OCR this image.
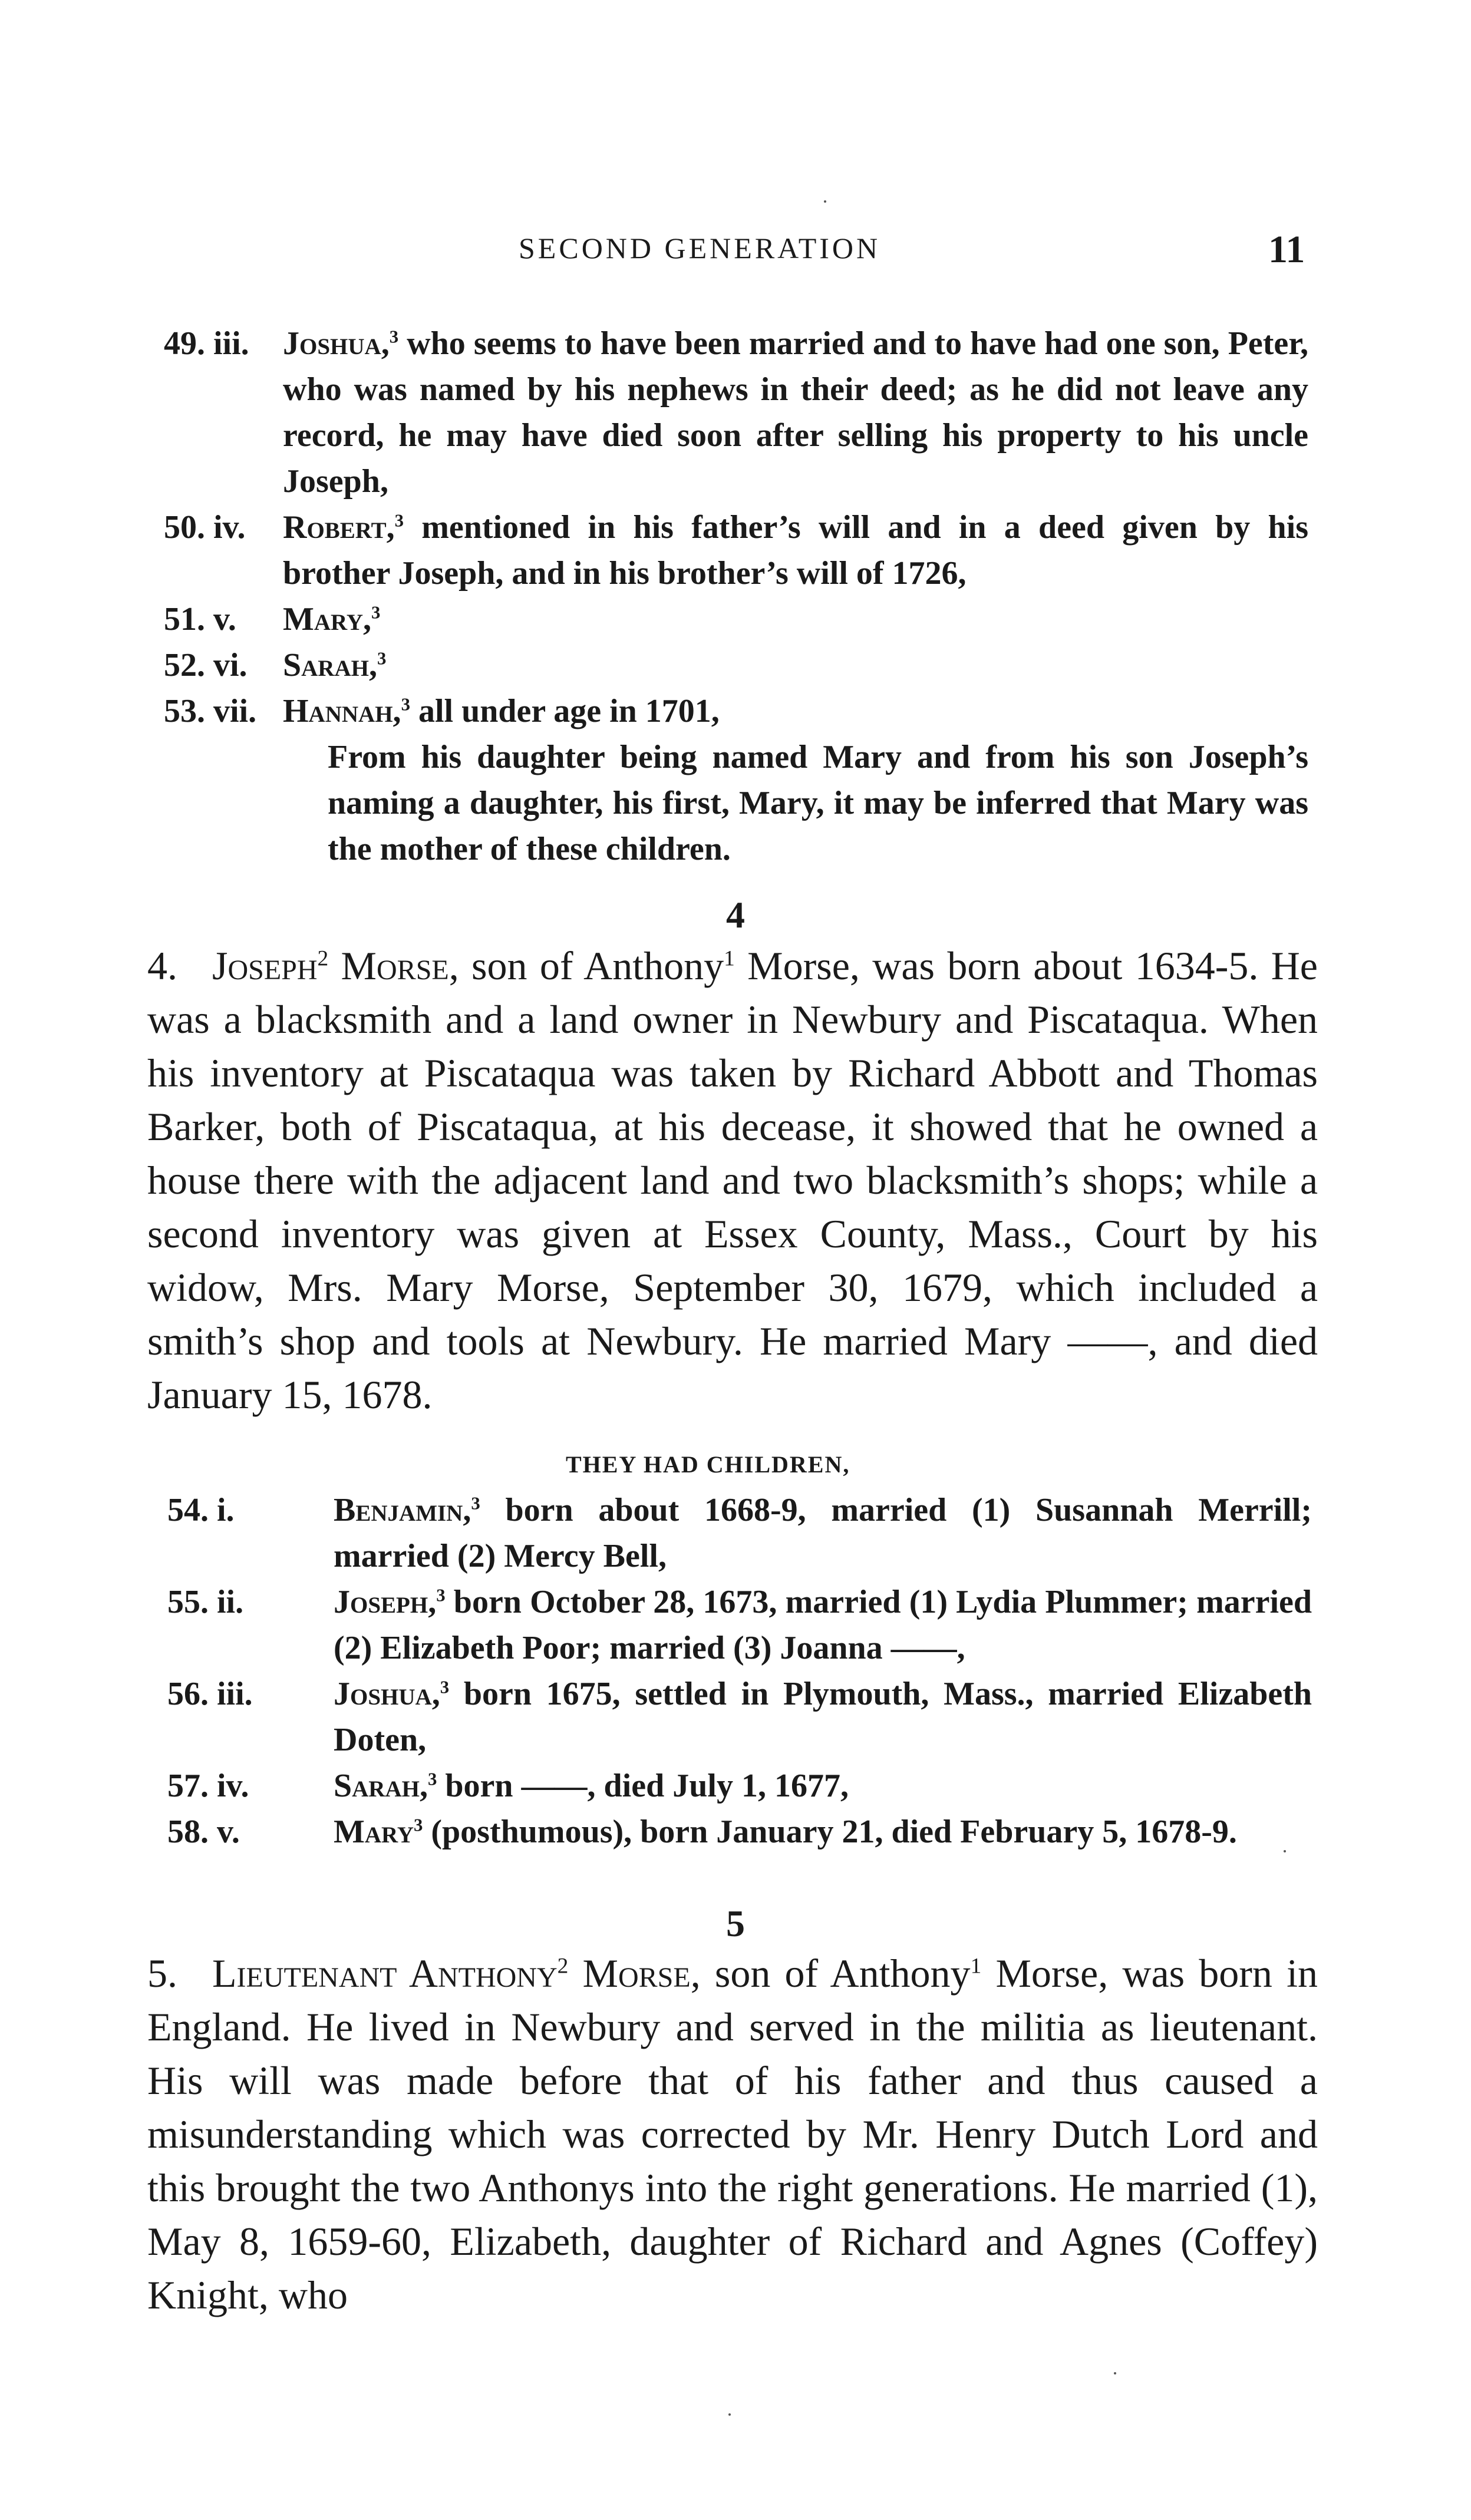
SECOND GENERATION	11
49. iii. Joshua,$^3$ who seems to have been married and to have had one son, Peter, who was named by his nephews in their deed; as he did not leave any record, he may have died soon after selling his property to his uncle Joseph,
50. iv. Robert,$^3$ mentioned in his father’s will and in a deed given by his brother Joseph, and in his brother’s will of 1726,
51. v. Mary,$^3$
52. vi. Sarah,$^3$
53. vii. Hannah,$^3$ all under age in 1701,
From his daughter being named Mary and from his son Joseph’s naming a daughter, his first, Mary, it may be inferred that Mary was the mother of these children.
4
4. Joseph$^2$ Morse, son of Anthony$^1$ Morse, was born about 1634-5. He was a blacksmith and a land owner in Newbury and Piscataqua. When his inventory at Piscataqua was taken by Richard Abbott and Thomas Barker, both of Piscataqua, at his decease, it showed that he owned a house there with the adjacent land and two blacksmith’s shops; while a second inventory was given at Essex County, Mass., Court by his widow, Mrs. Mary Morse, September 30, 1679, which included a smith’s shop and tools at Newbury. He married Mary ——, and died January 15, 1678.
THEY HAD CHILDREN,
54. i.	Benjamin,$^3$ born about 1668-9, married (1) Susannah Merrill; married (2) Mercy Bell,
55. ii.	Joseph,$^3$ born October 28, 1673, married (1) Lydia Plummer; married (2) Elizabeth Poor; married (3) Joanna ——,
56. iii. Joshua,$^3$ born 1675, settled in Plymouth, Mass., married Elizabeth Doten,
57. iv.	Sarah,$^3$ born ——, died July 1, 1677,
58. v.	Mary$^3$ (posthumous), born January 21, died February 5, 1678-9.
5
5. Lieutenant Anthony$^2$ Morse, son of Anthony$^1$ Morse, was born in England. He lived in Newbury and served in the militia as lieutenant. His will was made before that of his father and thus caused a misunderstanding which was corrected by Mr. Henry Dutch Lord and this brought the two Anthonys into the right generations. He married (1), May 8, 1659-60, Elizabeth, daughter of Richard and Agnes (Coffey) Knight, who
